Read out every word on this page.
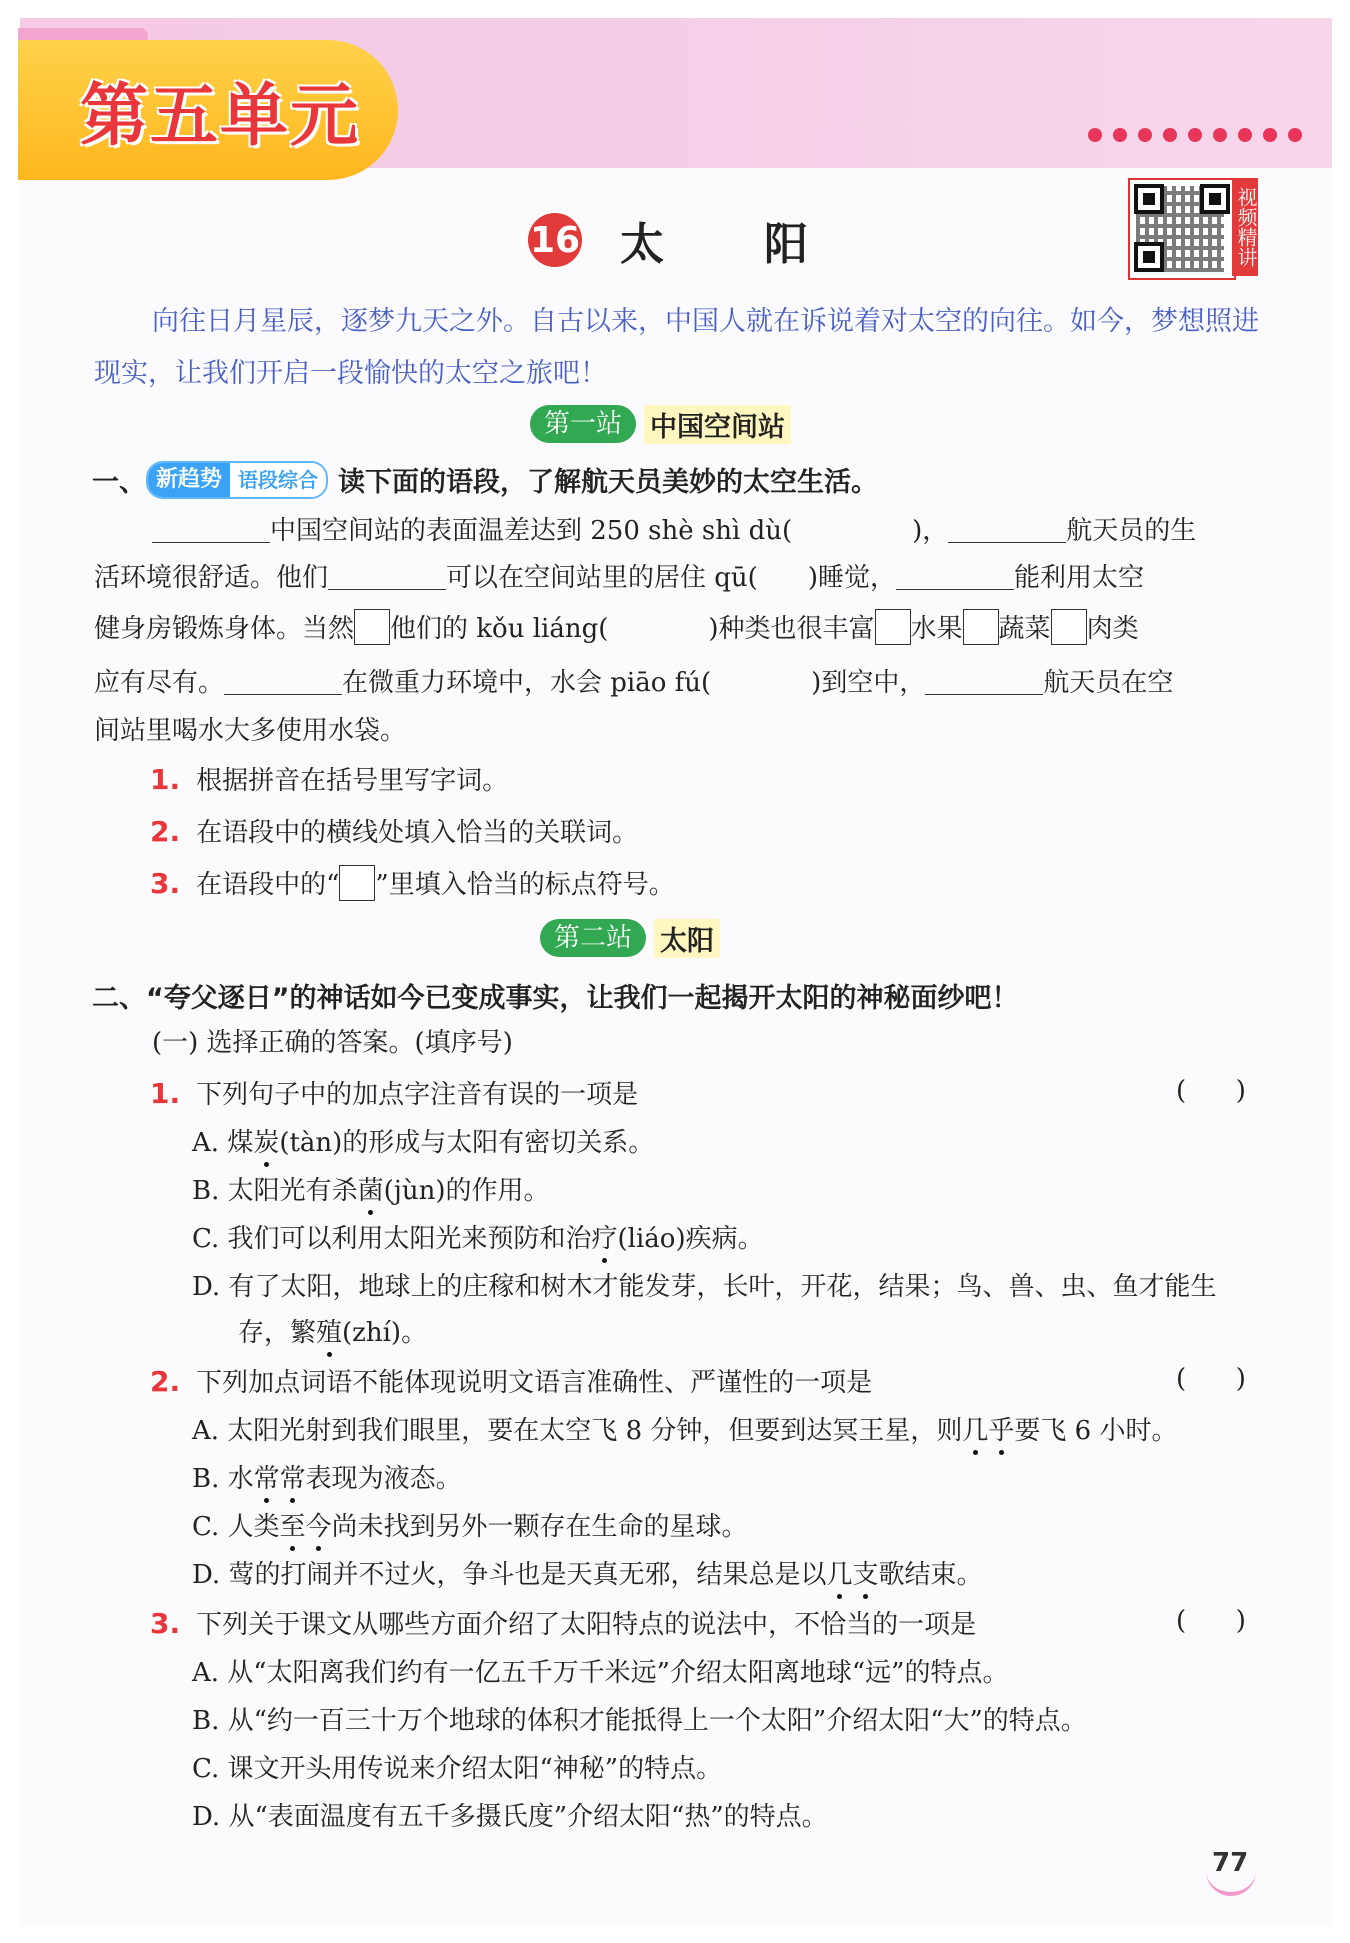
第五单元
16 太阳	视频精讲
向往日月星辰，逐梦九天之外。自古以来，中国人就在诉说着对太空的向往。如今，梦想照进现实，让我们开启一段愉快的太空之旅吧！
第一站	中国空间站
一、 新趋势 语段综合 读下面的语段，了解航天员美妙的太空生活。
中国空间站的表面温差达到 250 shè shì dù(	)，	航天员的生
活环境很舒适。他们	可以在空间站里的居住 qū( )睡觉，	能利用太空
健身房锻炼身体。当然 他们的 kǒu liáng(	)种类也很丰富 水果 蔬菜 肉类
应有尽有。	在微重力环境中，水会 piāo fú(	)到空中，	航天员在空
间站里喝水大多使用水袋。
1. 根据拼音在括号里写字词。
2. 在语段中的横线处填入恰当的关联词。
3. 在语段中的“ ”里填入恰当的标点符号。
第二站	太阳
二、 “夸父逐日”的神话如今已变成事实，让我们一起揭开太阳的神秘面纱吧！
(一) 选择正确的答案。(填序号)
1. 下列句子中的加点字注音有误的一项是	(      )
A. 煤炭(tàn)的形成与太阳有密切关系。
B. 太阳光有杀菌(jùn)的作用。
C. 我们可以利用太阳光来预防和治疗(liáo)疾病。
D. 有了太阳，地球上的庄稼和树木才能发芽，长叶，开花，结果；鸟、兽、虫、鱼才能生
存，繁殖(zhí)。
2. 下列加点词语不能体现说明文语言准确性、严谨性的一项是	(      )
A. 太阳光射到我们眼里，要在太空飞 8 分钟，但要到达冥王星，则几乎要飞 6 小时。
B. 水常常表现为液态。
C. 人类至今尚未找到另外一颗存在生命的星球。
D. 莺的打闹并不过火，争斗也是天真无邪，结果总是以几支歌结束。
3. 下列关于课文从哪些方面介绍了太阳特点的说法中，不恰当的一项是	(      )
A. 从“太阳离我们约有一亿五千万千米远”介绍太阳离地球“远”的特点。
B. 从“约一百三十万个地球的体积才能抵得上一个太阳”介绍太阳“大”的特点。
C. 课文开头用传说来介绍太阳“神秘”的特点。
D. 从“表面温度有五千多摄氏度”介绍太阳“热”的特点。
77
